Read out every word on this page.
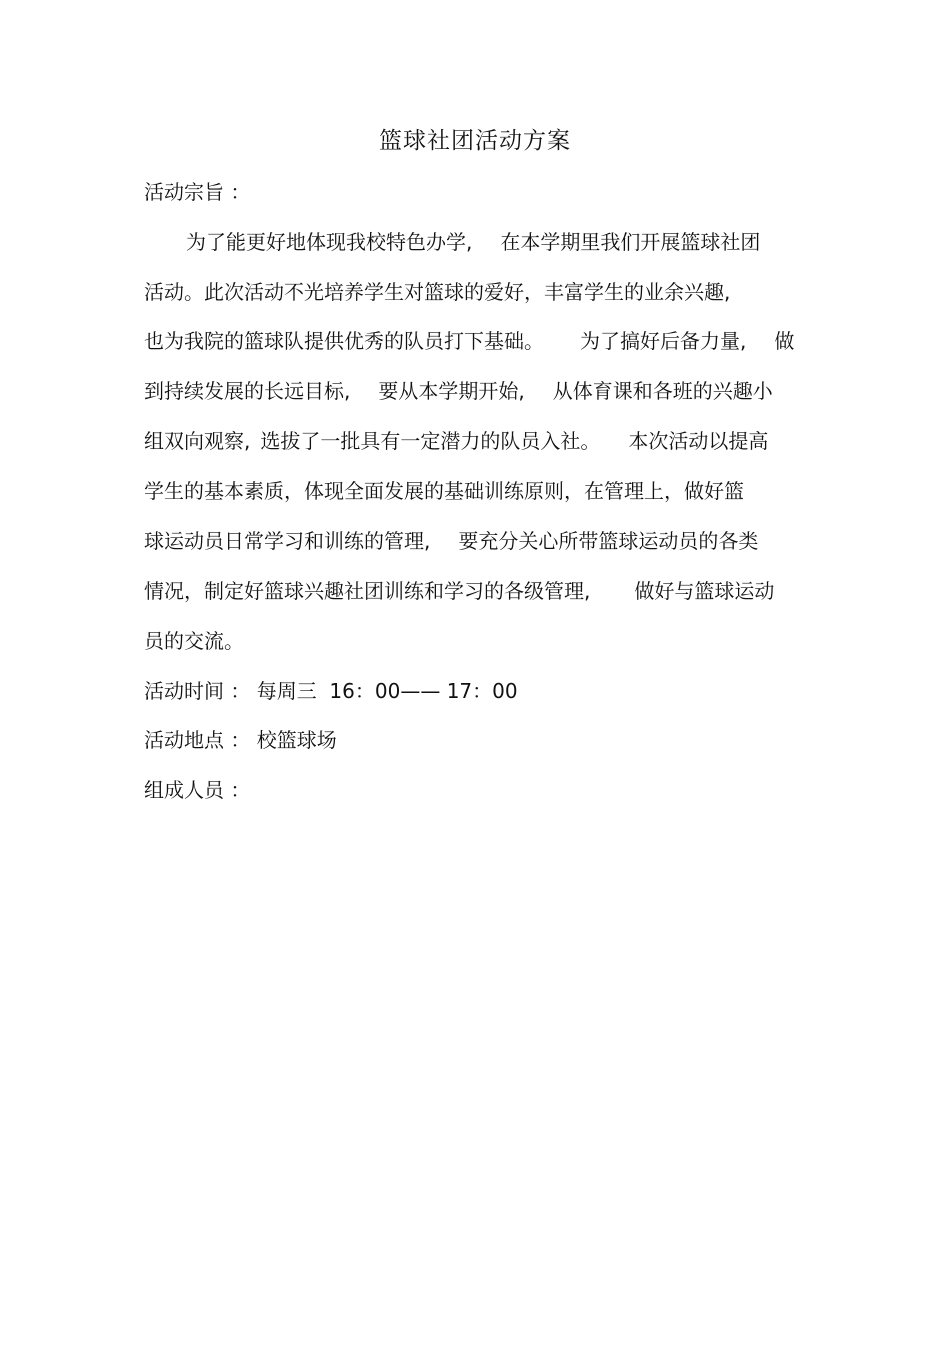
篮球社团活动方案
活动宗旨 ：
为了能更好地体现我校特色办学, 在本学期里我们开展篮球社团
活动。此次活动不光培养学生对篮球的爱好，丰富学生的业余兴趣,
也为我院的篮球队提供优秀的队员打下基础。 为了搞好后备力量, 做
到持续发展的长远目标, 要从本学期开始, 从体育课和各班的兴趣小
组双向观察, 选拔了一批具有一定潜力的队员入社。 本次活动以提高
学生的基本素质，体现全面发展的基础训练原则，在管理上，做好篮
球运动员日常学习和训练的管理, 要充分关心所带篮球运动员的各类
情况，制定好篮球兴趣社团训练和学习的各级管理, 做好与篮球运动
员的交流。
活动时间 ： 每周三  16：00—— 17：00
活动地点 ： 校篮球场
组成人员 ：
